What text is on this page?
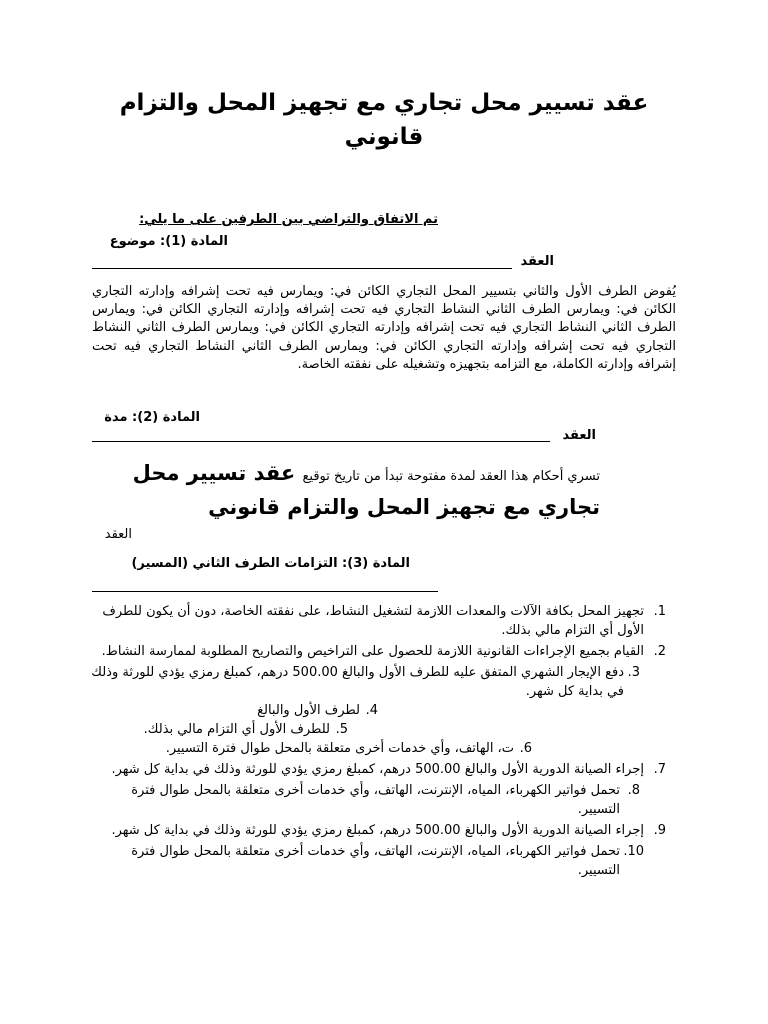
عقد تسيير محل تجاري مع تجهيز المحل والتزام قانوني
تم الاتفاق والتراضي بين الطرفين على ما يلي:
المادة (1): موضوع
العقد
يُفوض الطرف الأول والثاني بتسيير المحل التجاري الكائن في: ويمارس فيه تحت إشرافه وإدارته التجاري الكائن في: ويمارس الطرف الثاني النشاط التجاري فيه تحت إشرافه وإدارته التجاري الكائن في: ويمارس الطرف الثاني النشاط التجاري فيه تحت إشرافه وإدارته التجاري الكائن في: ويمارس الطرف الثاني النشاط التجاري فيه تحت إشرافه وإدارته التجاري الكائن في: ويمارس الطرف الثاني النشاط التجاري فيه تحت إشرافه وإدارته الكاملة، مع التزامه بتجهيزه وتشغيله على نفقته الخاصة.
المادة (2): مدة
العقد
تسري أحكام هذا العقد لمدة مفتوحة تبدأ من تاريخ توقيع عقد تسيير محل تجاري مع تجهيز المحل والتزام قانوني
العقد
المادة (3): التزامات الطرف الثاني (المسير)
1.
تجهيز المحل بكافة الآلات والمعدات اللازمة لتشغيل النشاط، على نفقته الخاصة، دون أن يكون للطرف الأول أي التزام مالي بذلك.
2.
القيام بجميع الإجراءات القانونية اللازمة للحصول على التراخيص والتصاريح المطلوبة لممارسة النشاط.
3.
دفع الإيجار الشهري المتفق عليه للطرف الأول والبالغ 500.00 درهم، كمبلغ رمزي يؤدي للورثة وذلك في بداية كل شهر.
4.
لطرف الأول والبالغ
5.
للطرف الأول أي التزام مالي بذلك.
6.
ت، الهاتف، وأي خدمات أخرى متعلقة بالمحل طوال فترة التسيير.
7.
إجراء الصيانة الدورية الأول والبالغ 500.00 درهم، كمبلغ رمزي يؤدي للورثة وذلك في بداية كل شهر.
8.
تحمل فواتير الكهرباء، المياه، الإنترنت، الهاتف، وأي خدمات أخرى متعلقة بالمحل طوال فترة التسيير.
9.
إجراء الصيانة الدورية الأول والبالغ 500.00 درهم، كمبلغ رمزي يؤدي للورثة وذلك في بداية كل شهر.
10.
تحمل فواتير الكهرباء، المياه، الإنترنت، الهاتف، وأي خدمات أخرى متعلقة بالمحل طوال فترة التسيير.
